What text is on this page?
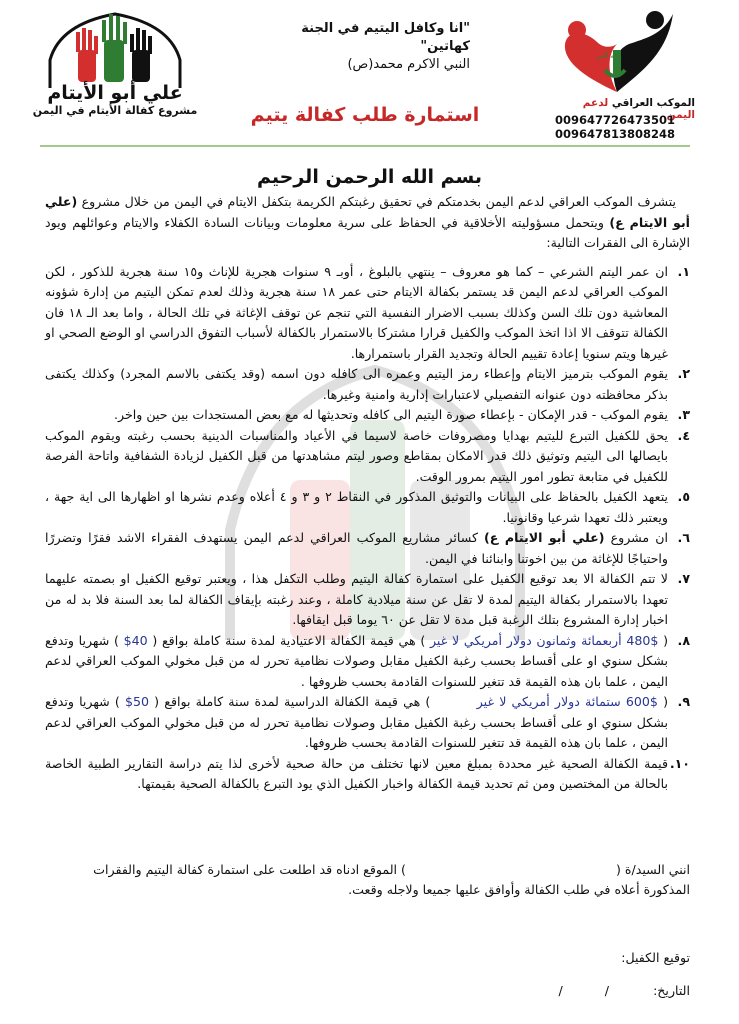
الله أكبر
الموكب العراقي لدعم اليمن
009647726473501
009647813808248
"انا وكافل اليتيم في الجنة كهاتين"
النبي الاكرم محمد(ص)
استمارة طلب كفالة يتيم
علي أبو الأيتام
مشروع كفالة الأيتام في اليمن
بسم الله الرحمن الرحيم

يتشرف الموكب العراقي لدعم اليمن بخدمتكم في تحقيق رغبتكم الكريمة بتكفل الايتام في اليمن من خلال مشروع (علي أبو الايتام ع) ويتحمل مسؤوليته الأخلاقية في الحفاظ على سرية معلومات وبيانات السادة الكفلاء والايتام وعوائلهم ويود الإشارة الى الفقرات التالية:

١.
ان عمر اليتم الشرعي – كما هو معروف – ينتهي بالبلوغ ، أوبـ ٩ سنوات هجرية للإناث و١٥ سنة هجرية للذكور ، لكن الموكب العراقي لدعم اليمن قد يستمر بكفالة الايتام حتى عمر ١٨ سنة هجرية وذلك لعدم تمكن اليتيم من إدارة شؤونه المعاشية دون تلك السن وكذلك بسبب الاضرار النفسية التي تنجم عن توقف الإغاثة في تلك الحالة ، واما بعد الـ ١٨ فان الكفالة تتوقف الا اذا اتخذ الموكب والكفيل قرارا مشتركا بالاستمرار بالكفالة لأسباب التفوق الدراسي او الوضع الصحي او غيرها ويتم سنويا إعادة تقييم الحالة وتجديد القرار باستمرارها.
٢.
يقوم الموكب بترميز الايتام وإعطاء رمز اليتيم وعمره الى كافله دون اسمه (وقد يكتفى بالاسم المجرد) وكذلك يكتفى بذكر محافظته دون عنوانه التفصيلي لاعتبارات إدارية وامنية وغيرها.
٣.
يقوم الموكب - قدر الإمكان - بإعطاء صورة اليتيم الى كافله وتحديثها له مع بعض المستجدات بين حين واخر.
٤.
يحق للكفيل التبرع لليتيم بهدايا ومصروفات خاصة لاسيما في الأعياد والمناسبات الدينية بحسب رغبته ويقوم الموكب بايصالها الى اليتيم وتوثيق ذلك قدر الامكان بمقاطع وصور ليتم مشاهدتها من قبل الكفيل لزيادة الشفافية واتاحة الفرصة للكفيل في متابعة تطور امور اليتيم بمرور الوقت.
٥.
يتعهد الكفيل بالحفاظ على البيانات والتوثيق المذكور في النقاط ٢ و ٣ و ٤ أعلاه وعدم نشرها او اظهارها الى اية جهة ، ويعتبر ذلك تعهدا شرعيا وقانونيا.
٦.
ان مشروع (علي أبو الايتام ع) كسائر مشاريع الموكب العراقي لدعم اليمن يستهدف الفقراء الاشد فقرًا وتضررًا واحتياجًا للإغاثة من بين اخوتنا وابنائنا في اليمن.
٧.
لا تتم الكفالة الا بعد توقيع الكفيل على استمارة كفالة اليتيم وطلب التكفل هذا ، ويعتبر توقيع الكفيل او بصمته عليهما تعهدا بالاستمرار بكفالة اليتيم لمدة لا تقل عن سنة ميلادية كاملة ، وعند رغبته بإيقاف الكفالة لما بعد السنة فلا بد له من اخبار إدارة المشروع بتلك الرغبة قبل مدة لا تقل عن ٦٠ يوما قبل ايقافها.
٨.
( 480$ أربعمائة وثمانون دولار أمريكي لا غير ) هي قيمة الكفالة الاعتيادية لمدة سنة كاملة بواقع ( 40$ ) شهريا وتدفع بشكل سنوي او على أقساط بحسب رغبة الكفيل مقابل وصولات نظامية تحرر له من قبل مخولي الموكب العراقي لدعم اليمن ، علما بان هذه القيمة قد تتغير للسنوات القادمة بحسب ظروفها .
٩.
( 600$ ستمائة دولار أمريكي لا غير         ) هي قيمة الكفالة الدراسية لمدة سنة كاملة بواقع ( 50$ ) شهريا وتدفع بشكل سنوي او على أقساط بحسب رغبة الكفيل مقابل وصولات نظامية تحرر له من قبل مخولي الموكب العراقي لدعم اليمن ، علما بان هذه القيمة قد تتغير للسنوات القادمة بحسب ظروفها.
١٠.
قيمة الكفالة الصحية غير محددة بمبلغ معين لانها تختلف من حالة صحية لأخرى لذا يتم دراسة التقارير الطبية الخاصة بالحالة من المختصين ومن ثم تحديد قيمة الكفالة واخبار الكفيل الذي يود التبرع بالكفالة الصحية بقيمتها.
انني السيد/ة () الموقع ادناه قد اطلعت على استمارة كفالة اليتيم والفقرات المذكورة أعلاه في طلب الكفالة وأوافق عليها جميعا ولاجله وقعت.
توقيع الكفيل:
التاريخ: / /
